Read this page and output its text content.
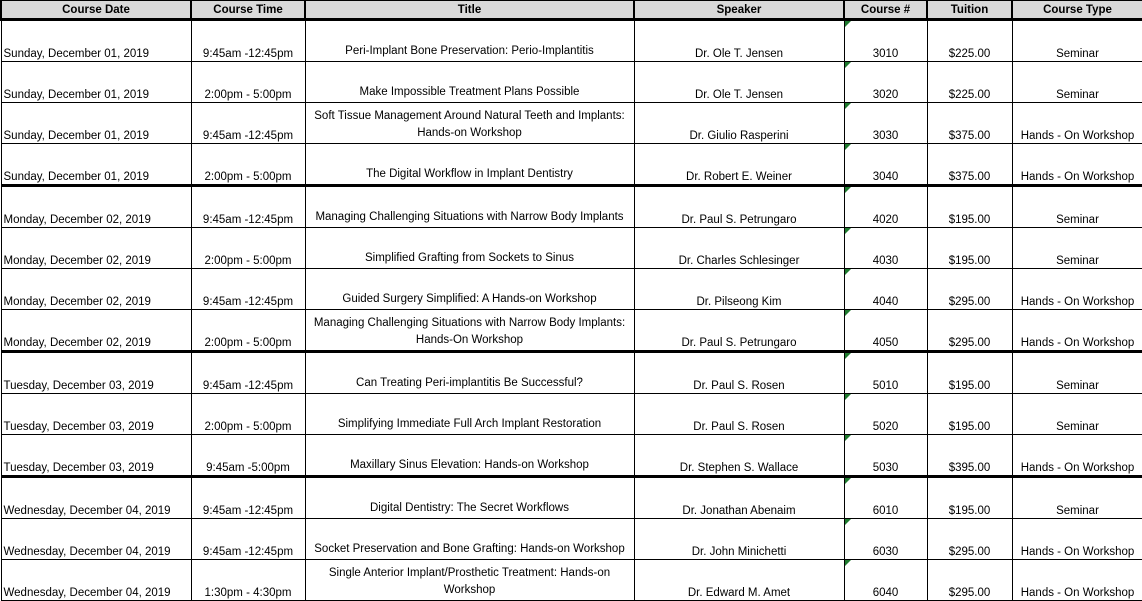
Course Date	Course Time	Title	Speaker	Course #	Tuition	Course Type
Sunday, December 01, 2019	9:45am -12:45pm	Peri-Implant Bone Preservation: Perio-Implantitis	Dr. Ole T. Jensen	3010	$225.00	Seminar
Sunday, December 01, 2019	2:00pm - 5:00pm	Make Impossible Treatment Plans Possible	Dr. Ole T. Jensen	3020	$225.00	Seminar
Sunday, December 01, 2019	9:45am -12:45pm	Soft Tissue Management Around Natural Teeth and Implants: Hands-on Workshop	Dr. Giulio Rasperini	3030	$375.00	Hands - On Workshop
Sunday, December 01, 2019	2:00pm - 5:00pm	The Digital Workflow in Implant Dentistry	Dr. Robert E. Weiner	3040	$375.00	Hands - On Workshop
Monday, December 02, 2019	9:45am -12:45pm	Managing Challenging Situations with Narrow Body Implants	Dr. Paul S. Petrungaro	4020	$195.00	Seminar
Monday, December 02, 2019	2:00pm - 5:00pm	Simplified Grafting from Sockets to Sinus	Dr. Charles Schlesinger	4030	$195.00	Seminar
Monday, December 02, 2019	9:45am -12:45pm	Guided Surgery Simplified: A Hands-on Workshop	Dr. Pilseong Kim	4040	$295.00	Hands - On Workshop
Monday, December 02, 2019	2:00pm - 5:00pm	Managing Challenging Situations with Narrow Body Implants: Hands-On Workshop	Dr. Paul S. Petrungaro	4050	$295.00	Hands - On Workshop
Tuesday, December 03, 2019	9:45am -12:45pm	Can Treating Peri-implantitis Be Successful?	Dr. Paul S. Rosen	5010	$195.00	Seminar
Tuesday, December 03, 2019	2:00pm - 5:00pm	Simplifying Immediate Full Arch Implant Restoration	Dr. Paul S. Rosen	5020	$195.00	Seminar
Tuesday, December 03, 2019	9:45am -5:00pm	Maxillary Sinus Elevation: Hands-on Workshop	Dr. Stephen S. Wallace	5030	$395.00	Hands - On Workshop
Wednesday, December 04, 2019	9:45am -12:45pm	Digital Dentistry: The Secret Workflows	Dr. Jonathan Abenaim	6010	$195.00	Seminar
Wednesday, December 04, 2019	9:45am -12:45pm	Socket Preservation and Bone Grafting: Hands-on Workshop	Dr. John Minichetti	6030	$295.00	Hands - On Workshop
Wednesday, December 04, 2019	1:30pm - 4:30pm	Single Anterior Implant/Prosthetic Treatment: Hands-on Workshop	Dr. Edward M. Amet	6040	$295.00	Hands - On Workshop
